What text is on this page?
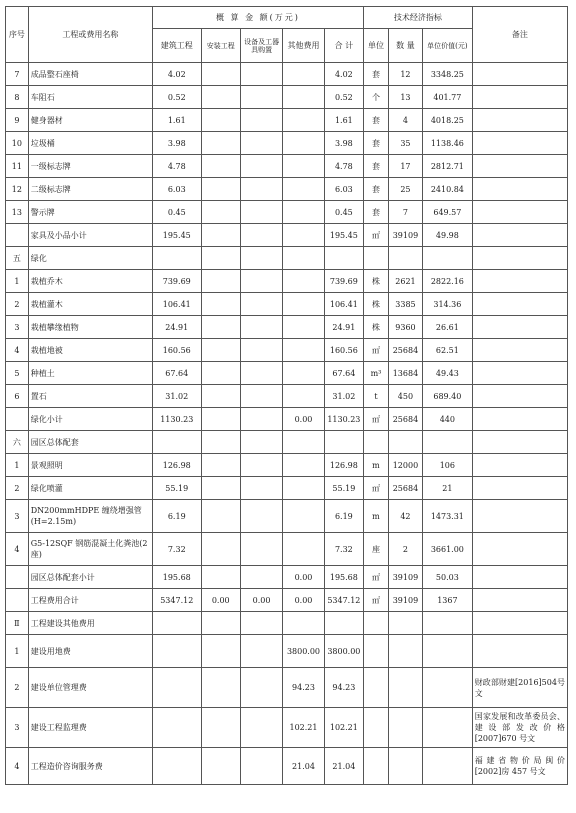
序号	工程或费用名称	概 算 金 额(万元)					技术经济指标			备注
		建筑工程	安装工程	设备及工器具购置	其他费用	合 计	单位	数 量	单位价值(元)	
7	成品整石座椅	4.02				4.02	套	12	3348.25	
8	车阻石	0.52				0.52	个	13	401.77	
9	健身器材	1.61				1.61	套	4	4018.25	
10	垃圾桶	3.98				3.98	套	35	1138.46	
11	一级标志牌	4.78				4.78	套	17	2812.71	
12	二级标志牌	6.03				6.03	套	25	2410.84	
13	警示牌	0.45				0.45	套	7	649.57	
	家具及小品小计	195.45				195.45	㎡	39109	49.98	
五	绿化									
1	栽植乔木	739.69				739.69	株	2621	2822.16	
2	栽植灌木	106.41				106.41	株	3385	314.36	
3	栽植攀缘植物	24.91				24.91	株	9360	26.61	
4	栽植地被	160.56				160.56	㎡	25684	62.51	
5	种植土	67.64				67.64	m³	13684	49.43	
6	置石	31.02				31.02	t	450	689.40	
	绿化小计	1130.23			0.00	1130.23	㎡	25684	440	
六	园区总体配套									
1	景观照明	126.98				126.98	m	12000	106	
2	绿化喷灌	55.19				55.19	㎡	25684	21	
3	DN200mmHDPE 缠绕增强管(H=2.15m)	6.19				6.19	m	42	1473.31	
4	G5-12SQF 钢筋混凝土化粪池(2 座)	7.32				7.32	座	2	3661.00	
	园区总体配套小计	195.68			0.00	195.68	㎡	39109	50.03	
	工程费用合计	5347.12	0.00	0.00	0.00	5347.12	㎡	39109	1367	
Ⅱ	工程建设其他费用									
1	建设用地费				3800.00	3800.00				
2	建设单位管理费				94.23	94.23				财政部财建[2016]504号文
3	建设工程监理费				102.21	102.21				国家发展和改革委员会、建设部发改价格[2007]670 号文
4	工程造价咨询服务费				21.04	21.04				福建省物价局闽价[2002]房 457 号文
